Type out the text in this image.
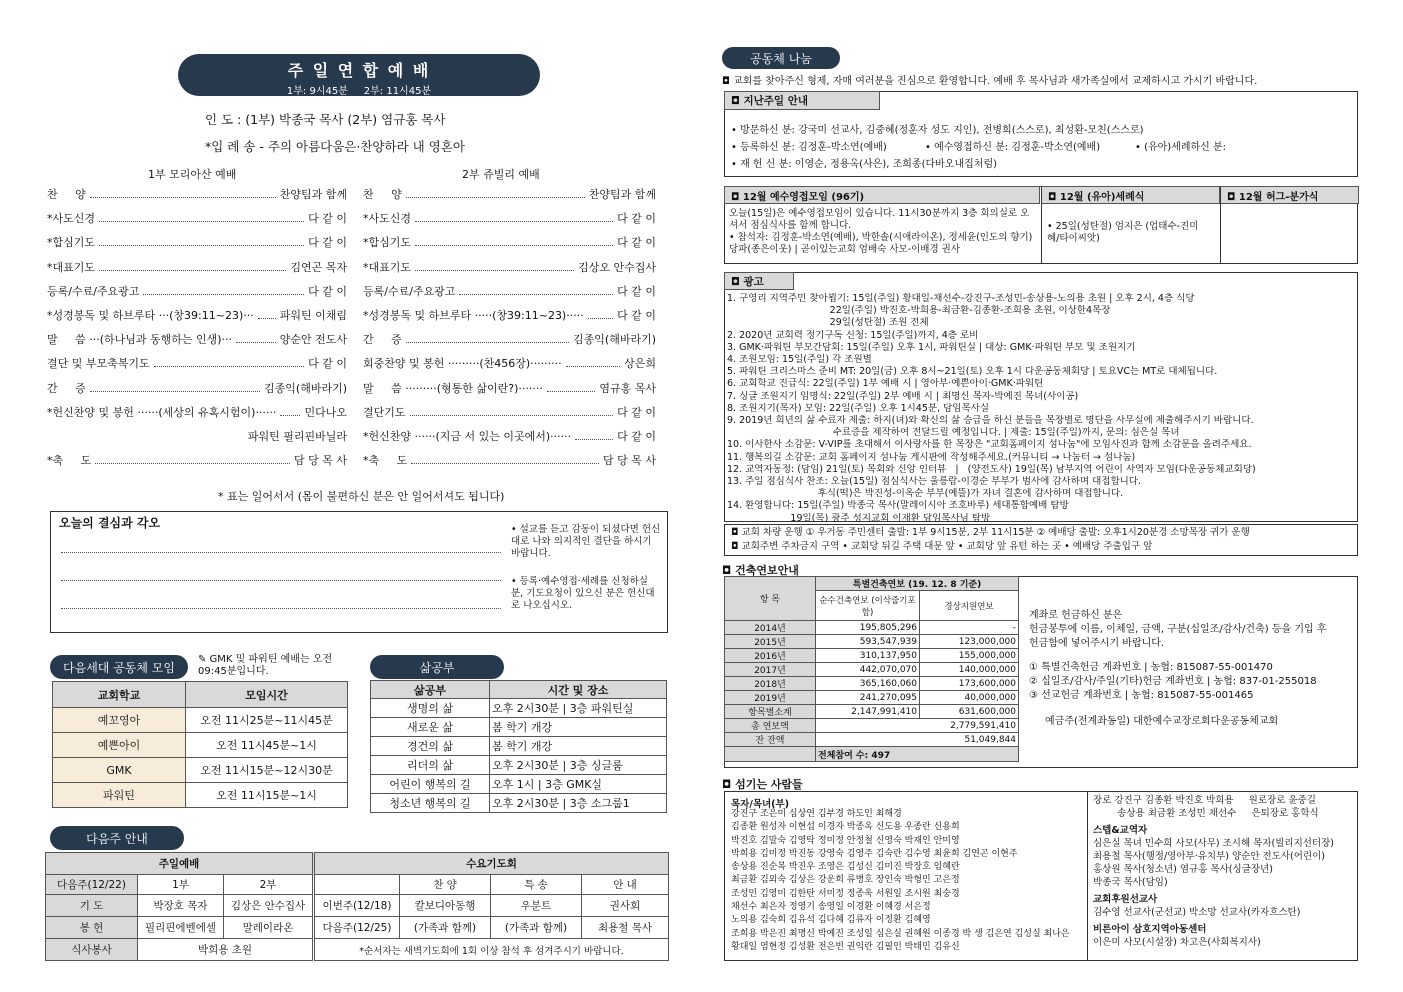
주 일 연 합 예 배
1부: 9시45분     2부: 11시45분
인 도 : (1부) 박종국 목사 (2부) 염규홍 목사
*입 례 송 - 주의 아름다움은·찬양하라 내 영혼아
1부 모리아산 예배	2부 쥬빌리 예배
찬     양	찬양팀과 함께
*사도신경	다 같 이
*합심기도	다 같 이
*대표기도	김연곤 목자
등록/수료/주요광고	다 같 이
*성경봉독 및 하브루타 ···(창39:11~23)··· 파워틴 이채림
말     씀 ···(하나님과 동행하는 인생)···	양순안 전도사
결단 및 부모축복기도	다 같 이
간     증	김종익(해바라기)
*헌신찬양 및 봉헌 ······(세상의 유혹시험이)······	민다나오
파워틴 필리핀바닐라
*축     도	담 당 목 사
찬     양	찬양팀과 함께
*사도신경	다 같 이
*합심기도	다 같 이
*대표기도	김상오 안수집사
등록/수료/주요광고	다 같 이
*성경봉독 및 하브루타 ·····(창39:11~23)·····	다 같 이
간     증	김종익(해바라기)
회중찬양 및 봉헌 ·········(찬456장)·········	상은희
말     씀 ·········(형통한 삶이란?)·······	염규홍 목사
결단기도	다 같 이
*헌신찬양 ······(지금 서 있는 이곳에서)······	다 같 이
*축     도	담 당 목 사
* 표는 일어서서 (몸이 불편하신 분은 안 일어서셔도 됩니다)
오늘의 결심과 각오	• 설교를 듣고 감동이 되셨다면 헌신대로 나와 의지적인 결단을 하시기 바랍니다.
• 등록·예수영접·세례를 신청하실 분, 기도요청이 있으신 분은 헌신대로 나오십시오.
다음세대 공동체 모임
✎ GMK 및 파워틴 예배는 오전 09:45분입니다.
교회학교	모임시간
예꼬영아	오전 11시25분~11시45분
예쁜아이	오전 11시45분~1시
GMK	오전 11시15분~12시30분
파워틴	오전 11시15분~1시
삶공부
삶공부	시간 및 장소
생명의 삶	오후 2시30분 | 3층 파워틴실
새로운 삶	봄 학기 개강
경건의 삶	봄 학기 개강
리더의 삶	오후 2시30분 | 3층 싱글룸
어린이 행복의 길	오후 1시 | 3층 GMK실
청소년 행복의 길	오후 2시30분 | 3층 소그룹1
다음주 안내
주일예배			수요기도회			
다음주(12/22)	1부	2부		찬 양	특 송	안 내
기 도	박장호 목자	김상은 안수집사	이번주(12/18)	칼보디아동행	우분트	권사회
봉 헌	필리핀에벤에셀	말레이라온	다음주(12/25)	(가족과 함께)	(가족과 함께)	최용철 목사
식사봉사	박희용 초원		*순서자는 새벽기도회에 1회 이상 참석 후 섬겨주시기 바랍니다.			
공동체 나눔
◘ 교회를 찾아주신 형제, 자매 여러분을 진심으로 환영합니다. 예배 후 목사님과 새가족실에서 교제하시고 가시기 바랍니다.
◘ 지난주일 안내
• 방문하신 분: 강국미 선교사, 김중혜(정훈자 성도 지인), 전병희(스스로), 최성환-모친(스스로)
• 등록하신 분: 김정훈-박소연(예배)	• 예수영접하신 분: 김정훈-박소연(예배)	• (유아)세례하신 분:
• 재 헌 신 분: 이영순, 정용옥(사은), 조희종(다바오내집처럼)
◘ 12월 예수영접모임 (96기)	◘ 12월 (유아)세례식	◘ 12월 허그-분가식
오늘(15일)은 예수영접모임이 있습니다. 11시30분까지 3층 회의실로 오셔서 점심식사를 함께 합니다.
• 참석자: 김정훈-박소연(예배), 박한솔(시애라이온), 정세윤(인도의 향기) 당파(종은이웃) | 곧이있는교회 엄배숙 사모-이배경 권사
• 25일(성탄절) 엄지은 (업태수-진미혜/타이씨앗)
◘ 광고
1. 구영리 지역주민 찾아뵙기: 15일(주일) 황대일-채선수-강진구-조성민-송상용-노의용 초원 | 오후 2시, 4층 식당
22일(주일) 박진호-박희용-최금환-김종환-조희용 초원, 이상한4목장
29일(성탄절) 조원 전체
2. 2020년 교회력 정기구독 신청: 15일(주일)까지, 4층 로비
3. GMK·파워틴 부모간담회: 15일(주일) 오후 1시, 파워틴실 | 대상: GMK·파워틴 부모 및 조원지기
4. 조원모임: 15일(주일) 각 조원별
5. 파워틴 크리스마스 준비 MT: 20일(금) 오후 8시~21일(토) 오후 1시 다운공동체회당 | 토요VC는 MT로 대체됩니다.
6. 교회학교 진급식: 22일(주일) 1부 예배 시 | 영아부·예쁜아이·GMK·파워틴
7. 싱글 조원지기 임명식: 22일(주일) 2부 예배 시 | 최명신 목자-박예진 목녀(사이공)
8. 조원지기(목자) 모임: 22일(주일) 오후 1시45분, 담임목사실
9. 2019년 희년의 삶 수료자 제출: 하지(녀)와 확신의 삶 승급을 하신 분들을 목장별로 명단을 사무실에 제출해주시기 바랍니다.
수료증을 제작하여 전달드릴 예정입니다. | 제출: 15일(주일)까지, 문의: 심은실 목녀
10. 이사한사 소감문: V-VIP를 초대해서 이사랑사를 한 목장은 "교회홈페이지 섬나눔"에 모임사진과 함께 소감문을 올려주세요.
11. 행복의길 소감문: 교회 홈페이지 섬나눔 게시판에 작성해주세요.(커뮤니티 → 나눔터 → 섬나눔)
12. 교역자동정: (담임) 21일(토) 목회와 신앙 인터뷰   |   (양전도사) 19일(목) 남부지역 어린이 사역자 모임(다운공동체교회당)
13. 주일 점심식사 찬조: 오늘(15일) 점심식사는 울릉람-이경순 부부가 범사에 감사하며 대접합니다.
후식(떡)은 박진성-이옥순 부부(예뜰)가 자녀 결혼에 감사하며 대접합니다.
14. 환영합니다: 15일(주일) 박종국 목사(말레이시아 조호바루) 세대통합예배 탐방
19일(목) 광주 성지교회 이재환 담임목사님 탐방
◘ 교회 차량 운행 ① 우거동 주민센터 출발: 1부 9시15분, 2부 11시15분 ② 예배당 출발: 오후1시20분경 소망목장 귀가 운행
◘ 교회주변 주차금지 구역 • 교회당 뒤길 주택 대문 앞 • 교회당 앞 유턴 하는 곳 • 예배당 주출입구 앞
◘ 건축연보안내
항 목	특별건축연보 (19. 12. 8 기준)	
	순수건축연보 (이삭줍기포함)	경상지원연보
2014년	195,805,296	-
2015년	593,547,939	123,000,000
2016년	310,137,950	155,000,000
2017년	442,070,070	140,000,000
2018년	365,160,060	173,600,000
2019년	241,270,095	40,000,000
항목별소계	2,147,991,410	631,600,000
총 연보액	2,779,591,410	
잔 잔액	51,049,844	
	전체참여 수: 497	
계좌로 헌금하신 분은
헌금봉투에 이름, 이체일, 금액, 구분(십일조/감사/건축) 등을 기입 후
헌금함에 넣어주시기 바랍니다.
① 특별건축헌금 계좌번호 | 농협: 815087-55-001470
② 십일조/감사/주일(기타)헌금 계좌번호 | 농협: 837-01-255018
③ 선교헌금 계좌번호 | 농협: 815087-55-001465
예금주(전계좌동일) 대한예수교장로회다운공동체교회
◘ 섬기는 사람들
목자/목녀(부)
강진구 조은미 심상연 김부경 하도인 최해경
김종환 원성자 이현섭 이경자 박종옥 신도용 우종란 신용희
박진호 김말숙 김영탁 정미정 안정철 신영숙 박재인 안미영
박희용 김미정 박진동 강영숙 김영주 김숙란 김수영 최윤희 김연곤 이현주
송상용 진순복 박진우 조영은 김성신 김미진 박장호 임혜란
최금환 김외숙 김상은 강운희 류병호 장인숙 박형민 고은정
조성민 김영미 김한탄 서미정 정종욱 서원일 조시원 최숭경
채선수 최은자 정영기 송영일 이경환 이혜경 서은정
노의용 김숙희 김유석 김다혜 김류자 이정환 김혜영
조희용 박은진 최명신 박예진 조성일 심은실 권혜원 이종경 박 생 김은연 김성실 최나은
황대일 염현정 김성환 전은빈 권익란 김필인 박태민 김유신
장로 강진구 김종환 박진호 박희용     원로장로 윤중길
송상용 최금환 조성민 채선수     은퇴장로 홍학식
스텝&교역자
심은실 목녀 민수희 사모(사무) 조시해 목자(빌리지선터장)
최용철 목사(행정/영아부·유치부) 양순안 전도사(어린이)
홍상원 목사(청소년) 염규홍 목사(싱글장년)
박종국 목사(담임)
교회후원선교사
김수영 선교사(군선교) 박소망 선교사(카자흐스탄)
비른아이 삼호지역아동센터
이은미 사모(시설장) 차고은(사회복지사)
